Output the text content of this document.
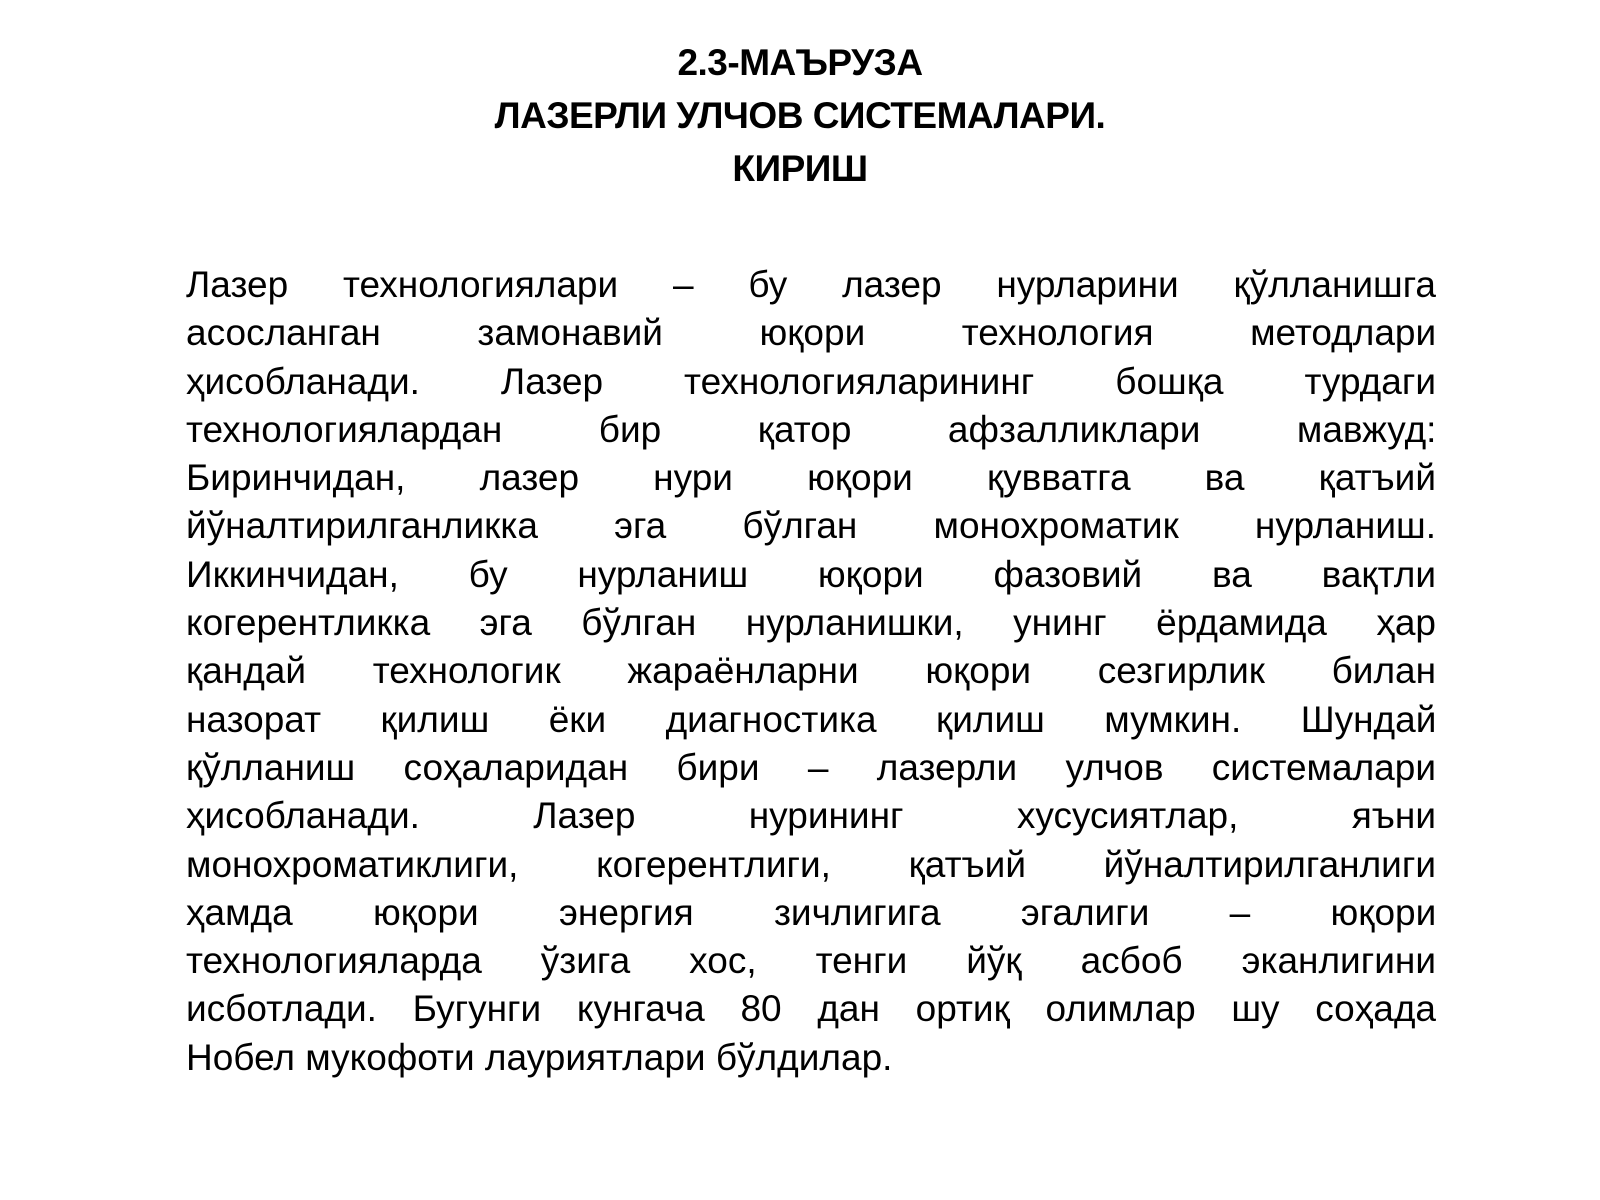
2.3-МАЪРУЗА
ЛАЗЕРЛИ УЛЧОВ СИСТЕМАЛАРИ.
КИРИШ
Лазер технологиялари – бу лазер нурларини қўлланишга
асосланган замонавий юқори технология методлари
ҳисобланади. Лазер технологияларининг бошқа турдаги
технологиялардан бир қатор афзалликлари мавжуд:
Биринчидан, лазер нури юқори қувватга ва қатъий
йўналтирилганликка эга бўлган монохроматик нурланиш.
Иккинчидан, бу нурланиш юқори фазовий ва вақтли
когерентликка эга бўлган нурланишки, унинг ёрдамида ҳар
қандай технологик жараёнларни юқори сезгирлик билан
назорат қилиш ёки диагностика қилиш мумкин. Шундай
қўлланиш соҳаларидан бири – лазерли улчов системалари
ҳисобланади. Лазер нурининг хусусиятлар, яъни
монохроматиклиги, когерентлиги, қатъий йўналтирилганлиги
ҳамда юқори энергия зичлигига эгалиги – юқори
технологияларда ўзига хос, тенги йўқ асбоб эканлигини
исботлади. Бугунги кунгача 80 дан ортиқ олимлар шу соҳада
Нобел мукофоти лауриятлари бўлдилар.
